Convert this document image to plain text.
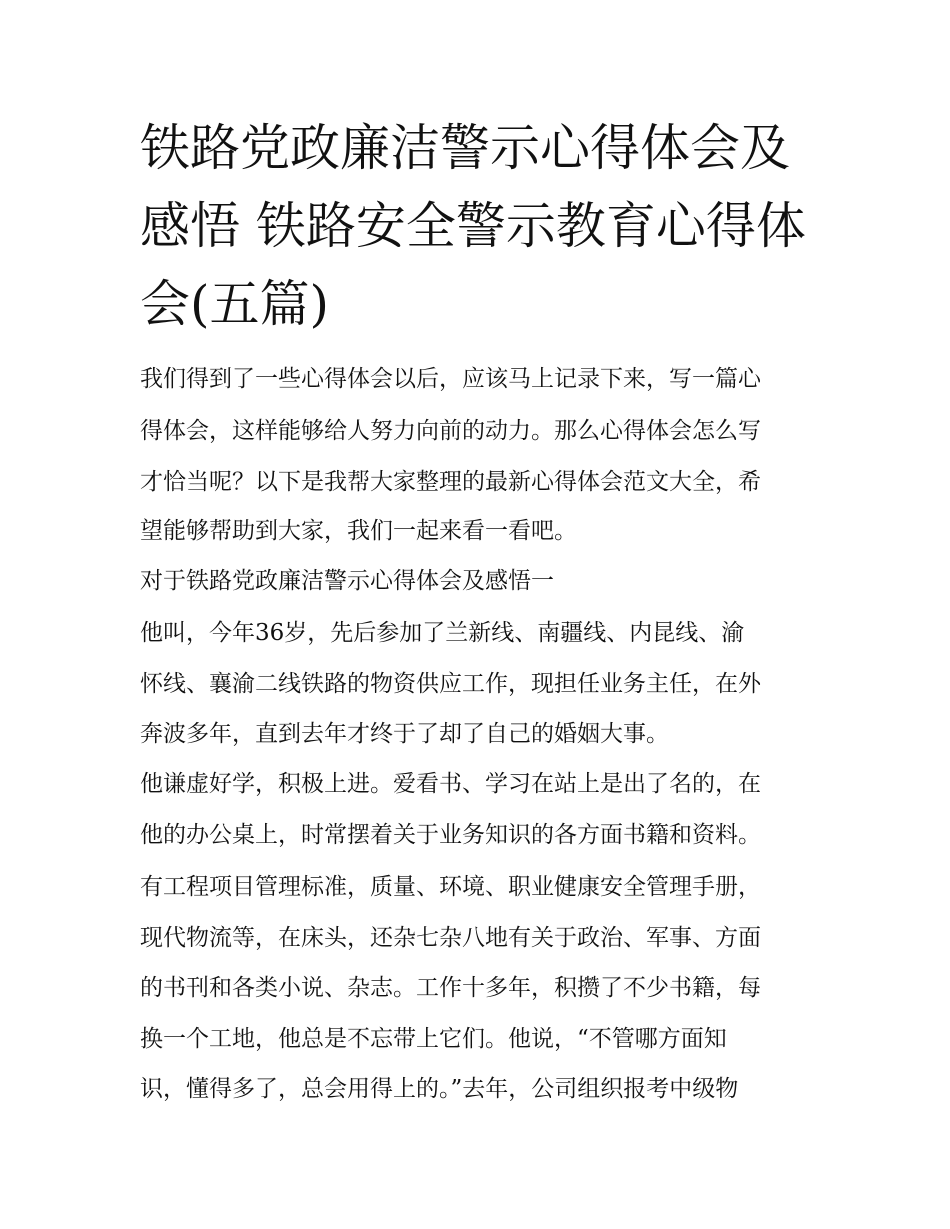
铁路党政廉洁警示心得体会及
感悟 铁路安全警示教育心得体
会(五篇)
我们得到了一些心得体会以后，应该马上记录下来，写一篇心
得体会，这样能够给人努力向前的动力。那么心得体会怎么写
才恰当呢？以下是我帮大家整理的最新心得体会范文大全，希
望能够帮助到大家，我们一起来看一看吧。
对于铁路党政廉洁警示心得体会及感悟一
他叫，今年36岁，先后参加了兰新线、南疆线、内昆线、渝
怀线、襄渝二线铁路的物资供应工作，现担任业务主任，在外
奔波多年，直到去年才终于了却了自己的婚姻大事。
他谦虚好学，积极上进。爱看书、学习在站上是出了名的，在
他的办公桌上，时常摆着关于业务知识的各方面书籍和资料。
有工程项目管理标准，质量、环境、职业健康安全管理手册，
现代物流等，在床头，还杂七杂八地有关于政治、军事、方面
的书刊和各类小说、杂志。工作十多年，积攒了不少书籍，每
换一个工地，他总是不忘带上它们。他说，“不管哪方面知
识，懂得多了，总会用得上的。”去年，公司组织报考中级物
